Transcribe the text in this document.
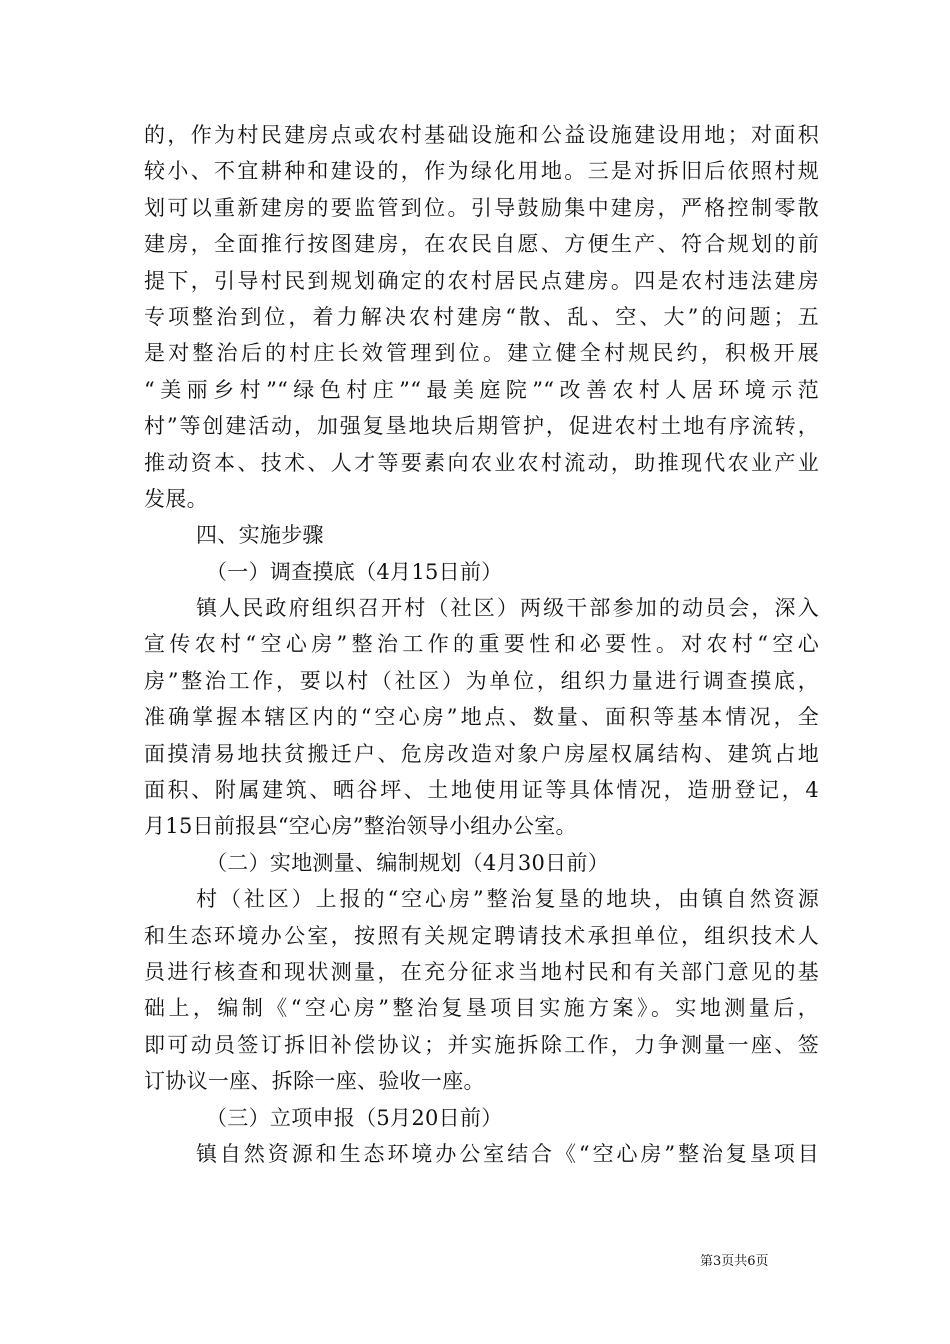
的，作为村民建房点或农村基础设施和公益设施建设用地；对面积
较小、不宜耕种和建设的，作为绿化用地。三是对拆旧后依照村规
划可以重新建房的要监管到位。引导鼓励集中建房，严格控制零散
建房，全面推行按图建房，在农民自愿、方便生产、符合规划的前
提下，引导村民到规划确定的农村居民点建房。四是农村违法建房
专项整治到位，着力解决农村建房“散、乱、空、大”的问题；五
是对整治后的村庄长效管理到位。建立健全村规民约，积极开展
“美丽乡村”“绿色村庄”“最美庭院”“改善农村人居环境示范
村”等创建活动，加强复垦地块后期管护，促进农村土地有序流转，
推动资本、技术、人才等要素向农业农村流动，助推现代农业产业
发展。
四、实施步骤
（一）调查摸底（4月15日前）
镇人民政府组织召开村（社区）两级干部参加的动员会，深入
宣传农村“空心房”整治工作的重要性和必要性。对农村“空心
房”整治工作，要以村（社区）为单位，组织力量进行调查摸底，
准确掌握本辖区内的“空心房”地点、数量、面积等基本情况，全
面摸清易地扶贫搬迁户、危房改造对象户房屋权属结构、建筑占地
面积、附属建筑、晒谷坪、土地使用证等具体情况，造册登记，4
月15日前报县“空心房”整治领导小组办公室。
（二）实地测量、编制规划（4月30日前）
村（社区）上报的“空心房”整治复垦的地块，由镇自然资源
和生态环境办公室，按照有关规定聘请技术承担单位，组织技术人
员进行核查和现状测量，在充分征求当地村民和有关部门意见的基
础上，编制《“空心房”整治复垦项目实施方案》。实地测量后，
即可动员签订拆旧补偿协议；并实施拆除工作，力争测量一座、签
订协议一座、拆除一座、验收一座。
（三）立项申报（5月20日前）
镇自然资源和生态环境办公室结合《“空心房”整治复垦项目
第3页共6页
